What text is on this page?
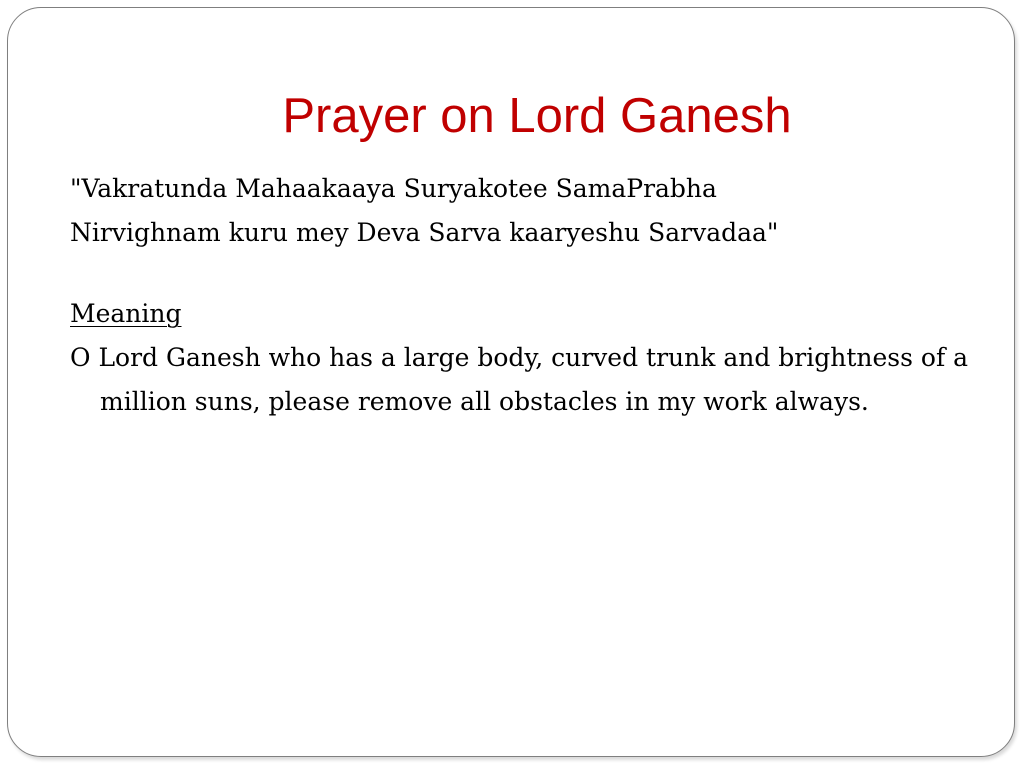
Prayer on Lord Ganesh
"Vakratunda Mahaakaaya Suryakotee SamaPrabha
Nirvighnam kuru mey Deva Sarva kaaryeshu Sarvadaa"
Meaning

O Lord Ganesh who has a large body, curved trunk and brightness of a million suns, please remove all obstacles in my work always.
